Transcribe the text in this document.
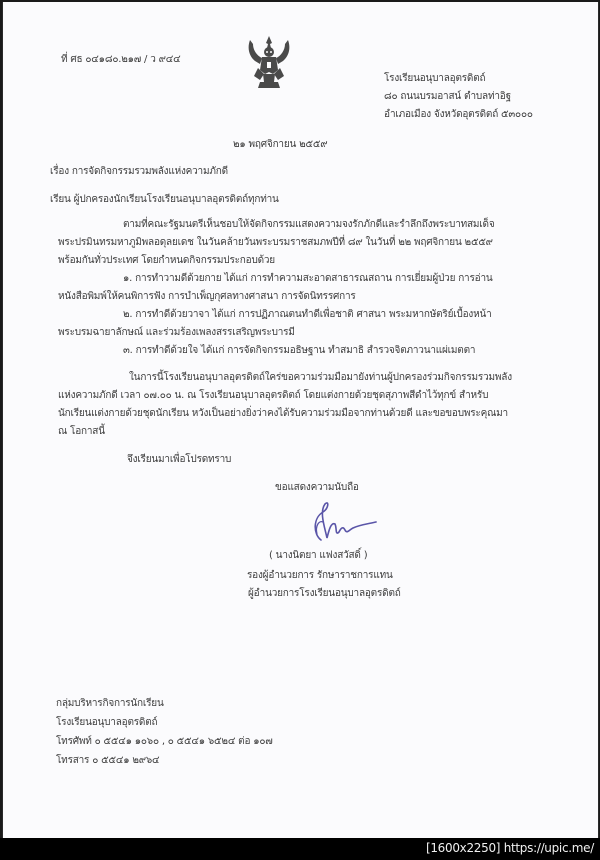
ที่ ศธ ๐๔๑๘๐.๒๑๗ / ว ๙๔๔
โรงเรียนอนุบาลอุตรดิตถ์
๘๐ ถนนบรมอาสน์ ตำบลท่าอิฐ
อำเภอเมือง จังหวัดอุตรดิตถ์ ๕๓๐๐๐
๒๑ พฤศจิกายน ๒๕๕๙
เรื่อง การจัดกิจกรรมรวมพลังแห่งความภักดี
เรียน ผู้ปกครองนักเรียนโรงเรียนอนุบาลอุตรดิตถ์ทุกท่าน
ตามที่คณะรัฐมนตรีเห็นชอบให้จัดกิจกรรมแสดงความจงรักภักดีและรำลึกถึงพระบาทสมเด็จ
พระปรมินทรมหาภูมิพลอดุลยเดช ในวันคล้ายวันพระบรมราชสมภพปีที่ ๘๙ ในวันที่ ๒๒ พฤศจิกายน ๒๕๕๙
พร้อมกันทั่วประเทศ โดยกำหนดกิจกรรมประกอบด้วย
๑. การทำวามดีด้วยกาย ได้แก่ การทำความสะอาดสาธารณสถาน การเยี่ยมผู้ป่วย การอ่าน
หนังสือพิมพ์ให้คนพิการฟัง การบำเพ็ญกุศลทางศาสนา การจัดนิทรรศการ
๒. การทำดีด้วยวาจา ได้แก่ การปฏิภาณตนทำดีเพื่อชาติ ศาสนา พระมหากษัตริย์เบื้องหน้า
พระบรมฉายาลักษณ์ และร่วมร้องเพลงสรรเสริญพระบารมี
๓. การทำดีด้วยใจ ได้แก่ การจัดกิจกรรมอธิษฐาน ทำสมาธิ สำรวจจิตภาวนาแผ่เมตตา
ในการนี้โรงเรียนอนุบาลอุตรดิตถ์ใคร่ขอความร่วมมือมายังท่านผู้ปกครองร่วมกิจกรรมรวมพลัง
แห่งความภักดี เวลา ๐๗.๐๐ น. ณ โรงเรียนอนุบาลอุตรดิตถ์ โดยแต่งกายด้วยชุดสุภาพสีดำไว้ทุกข์ สำหรับ
นักเรียนแต่งกายด้วยชุดนักเรียน หวังเป็นอย่างยิ่งว่าคงได้รับความร่วมมือจากท่านด้วยดี และขอขอบพระคุณมา
ณ โอกาสนี้
จึงเรียนมาเพื่อโปรดทราบ
ขอแสดงความนับถือ
( นางนิตยา แฟงสวัสดิ์ )
รองผู้อำนวยการ รักษาราชการแทน
ผู้อำนวยการโรงเรียนอนุบาลอุตรดิตถ์
กลุ่มบริหารกิจการนักเรียน
โรงเรียนอนุบาลอุตรดิตถ์
โทรศัพท์ ๐ ๕๕๔๑ ๑๐๖๐ , ๐ ๕๕๔๑ ๖๕๒๔ ต่อ ๑๐๗
โทรสาร ๐ ๕๕๔๑ ๒๙๖๔
[1600x2250] https://upic.me/
